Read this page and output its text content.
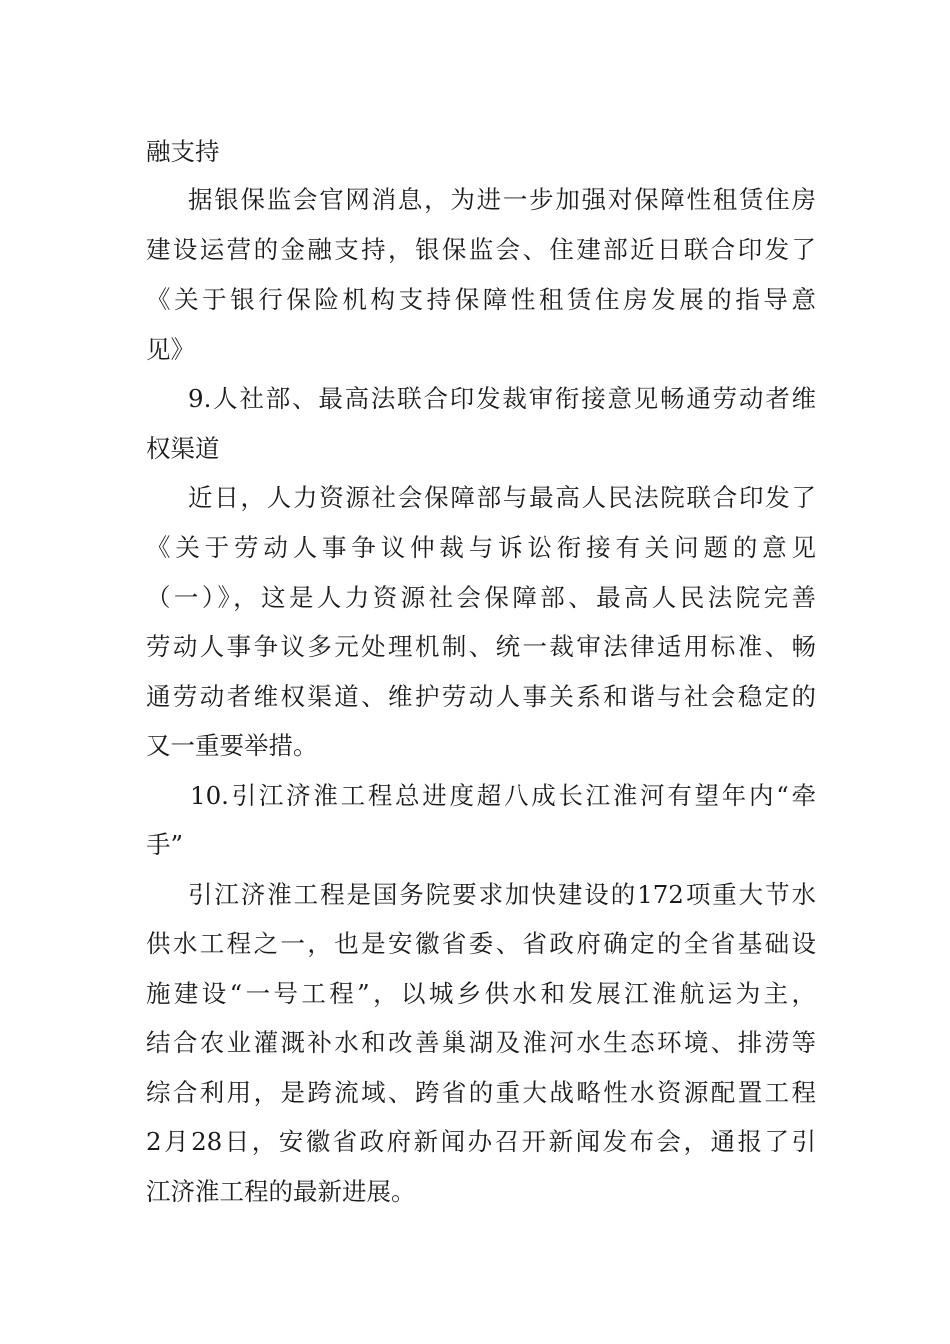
融支持
据银保监会官网消息，为进一步加强对保障性租赁住房
建设运营的金融支持，银保监会、住建部近日联合印发了
《关于银行保险机构支持保障性租赁住房发展的指导意
见》
9.人社部、最高法联合印发裁审衔接意见畅通劳动者维
权渠道
近日，人力资源社会保障部与最高人民法院联合印发了
《关于劳动人事争议仲裁与诉讼衔接有关问题的意见
（一）》，这是人力资源社会保障部、最高人民法院完善
劳动人事争议多元处理机制、统一裁审法律适用标准、畅
通劳动者维权渠道、维护劳动人事关系和谐与社会稳定的
又一重要举措。
10.引江济淮工程总进度超八成长江淮河有望年内“牵
手”
引江济淮工程是国务院要求加快建设的172项重大节水
供水工程之一，也是安徽省委、省政府确定的全省基础设
施建设“一号工程”，以城乡供水和发展江淮航运为主，
结合农业灌溉补水和改善巢湖及淮河水生态环境、排涝等
综合利用，是跨流域、跨省的重大战略性水资源配置工程
2月28日，安徽省政府新闻办召开新闻发布会，通报了引
江济淮工程的最新进展。
